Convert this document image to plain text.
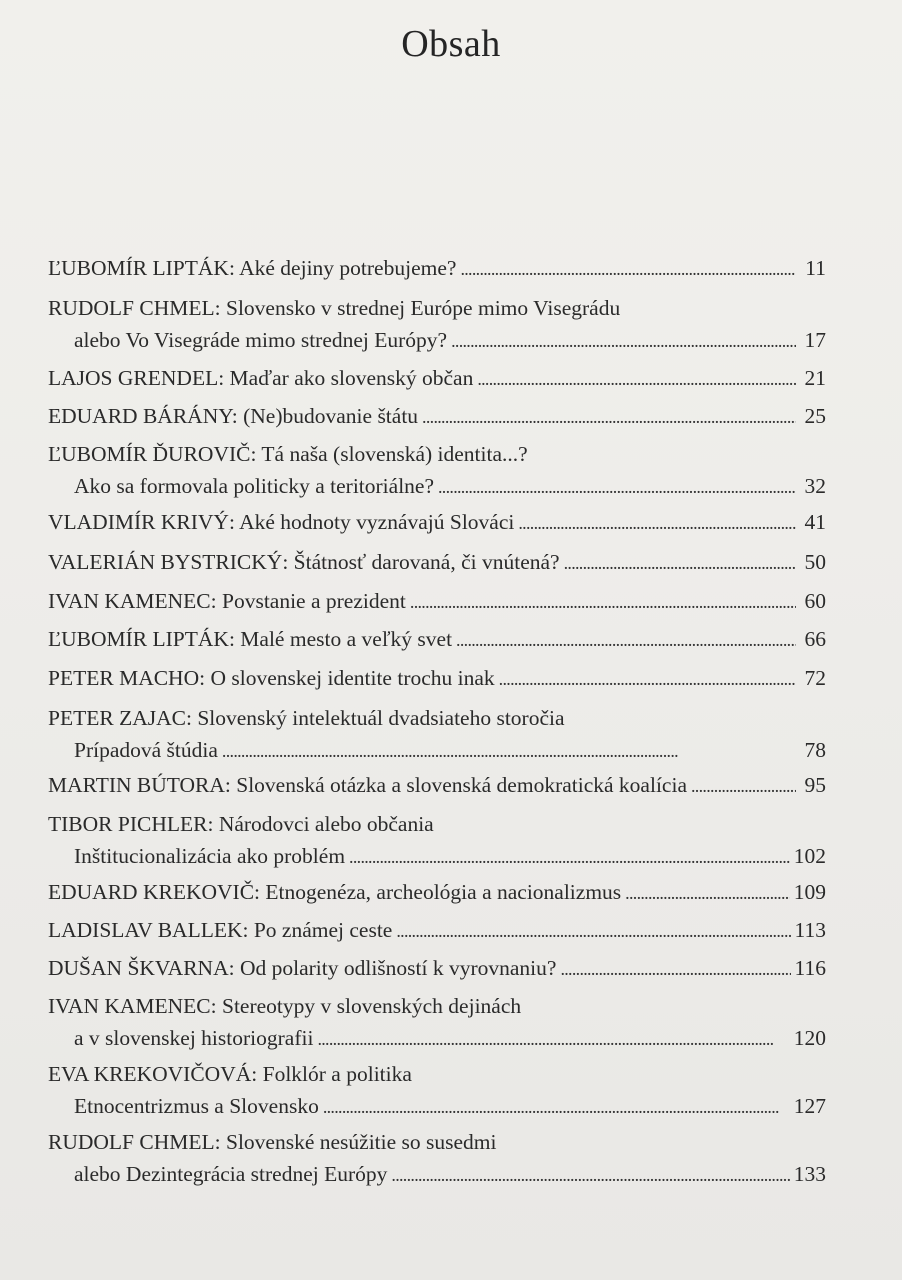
Obsah
ĽUBOMÍR LIPTÁK: Aké dejiny potrebujeme? . . .	11
RUDOLF CHMEL: Slovensko v strednej Európe mimo Visegrádu
alebo Vo Visegráde mimo strednej Európy? . . .	17
LAJOS GRENDEL: Maďar ako slovenský občan . . .	21
EDUARD BÁRÁNY: (Ne)budovanie štátu . . .	25
ĽUBOMÍR ĎUROVIČ: Tá naša (slovenská) identita...?
Ako sa formovala politicky a teritoriálne? . . .	32
VLADIMÍR KRIVÝ: Aké hodnoty vyznávajú Slováci . . .	41
VALERIÁN BYSTRICKÝ: Štátnosť darovaná, či vnútená? . . .	50
IVAN KAMENEC: Povstanie a prezident . . .	60
ĽUBOMÍR LIPTÁK: Malé mesto a veľký svet . . .	66
PETER MACHO: O slovenskej identite trochu inak . . .	72
PETER ZAJAC: Slovenský intelektuál dvadsiateho storočia
Prípadová štúdia . . .	78
MARTIN BÚTORA: Slovenská otázka a slovenská demokratická koalícia . . .	95
TIBOR PICHLER: Národovci alebo občania
Inštitucionalizácia ako problém . . .	102
EDUARD KREKOVIČ: Etnogenéza, archeológia a nacionalizmus . . .	109
LADISLAV BALLEK: Po známej ceste . . .	113
DUŠAN ŠKVARNA: Od polarity odlišností k vyrovnaniu? . . .	116
IVAN KAMENEC: Stereotypy v slovenských dejinách
a v slovenskej historiografii . . .	120
EVA KREKOVIČOVÁ: Folklór a politika
Etnocentrizmus a Slovensko . . .	127
RUDOLF CHMEL: Slovenské nesúžitie so susedmi
alebo Dezintegrácia strednej Európy . . .	133
